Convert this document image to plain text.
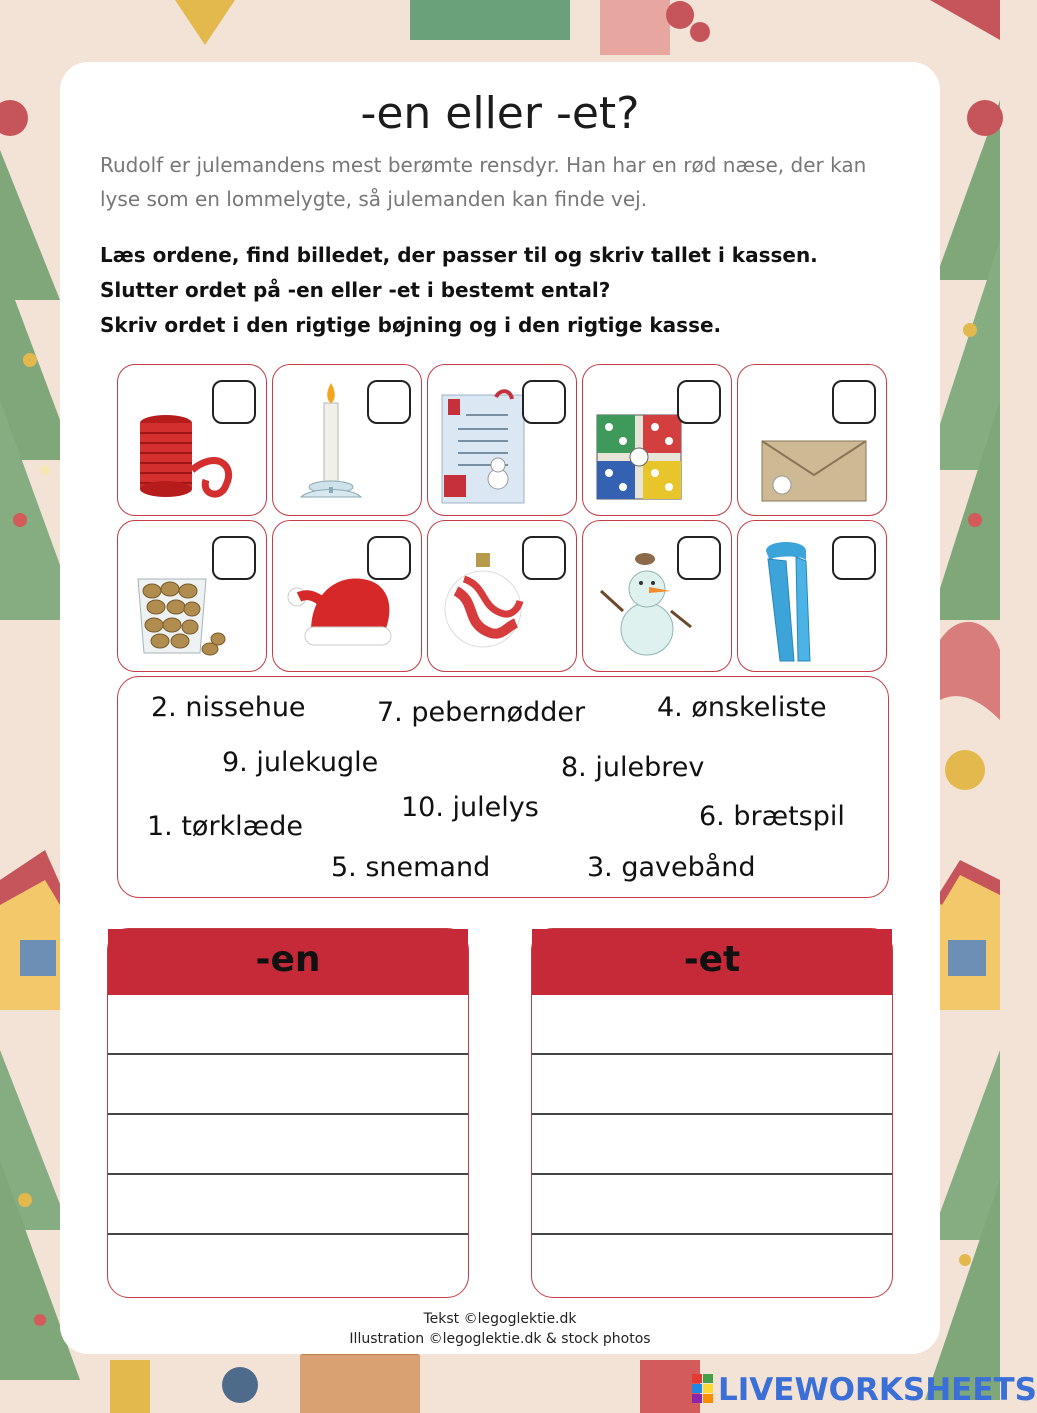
-en eller -et?
Rudolf er julemandens mest berømte rensdyr. Han har en rød næse, der kan lyse som en lommelygte, så julemanden kan finde vej.
Læs ordene, find billedet, der passer til og skriv tallet i kassen.
Slutter ordet på -en eller -et i bestemt ental?
Skriv ordet i den rigtige bøjning og i den rigtige kasse.
2. nissehue	7. pebernødder	4. ønskeliste
9. julekugle	8. julebrev
10. julelys
1. tørklæde	6. brætspil
5. snemand	3. gavebånd
-en	-et
Tekst ©legoglektie.dk
Illustration ©legoglektie.dk & stock photos
LIVEWORKSHEETS
